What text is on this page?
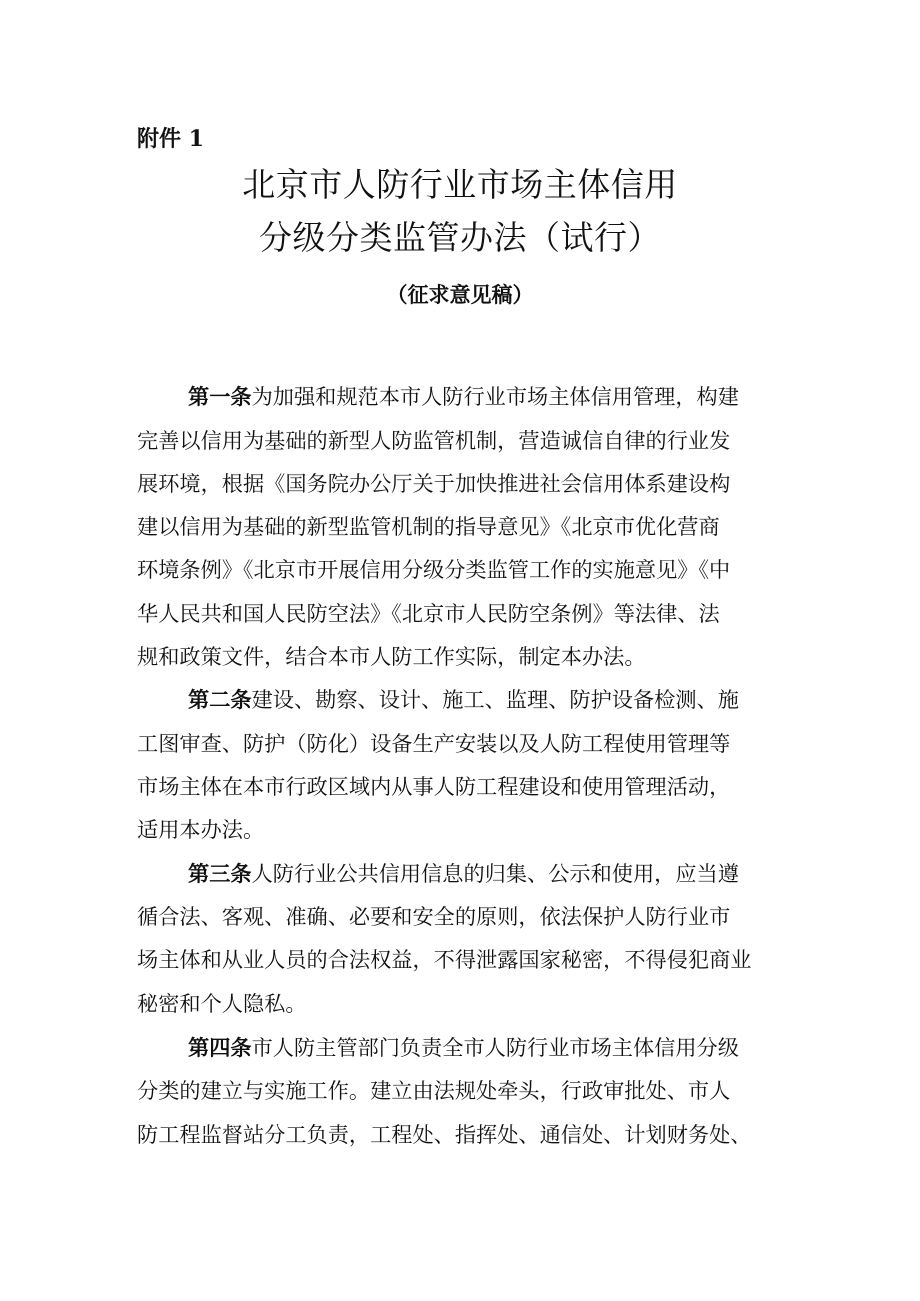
附件 1
北京市人防行业市场主体信用
分级分类监管办法（试行）
（征求意见稿）
第一条为加强和规范本市人防行业市场主体信用管理，构建
完善以信用为基础的新型人防监管机制，营造诚信自律的行业发
展环境，根据《国务院办公厅关于加快推进社会信用体系建设构
建以信用为基础的新型监管机制的指导意见》《北京市优化营商
环境条例》《北京市开展信用分级分类监管工作的实施意见》《中
华人民共和国人民防空法》《北京市人民防空条例》等法律、法
规和政策文件，结合本市人防工作实际，制定本办法。
第二条建设、勘察、设计、施工、监理、防护设备检测、施
工图审查、防护（防化）设备生产安装以及人防工程使用管理等
市场主体在本市行政区域内从事人防工程建设和使用管理活动，
适用本办法。
第三条人防行业公共信用信息的归集、公示和使用，应当遵
循合法、客观、准确、必要和安全的原则，依法保护人防行业市
场主体和从业人员的合法权益，不得泄露国家秘密，不得侵犯商业
秘密和个人隐私。
第四条市人防主管部门负责全市人防行业市场主体信用分级
分类的建立与实施工作。建立由法规处牵头，行政审批处、市人
防工程监督站分工负责，工程处、指挥处、通信处、计划财务处、
